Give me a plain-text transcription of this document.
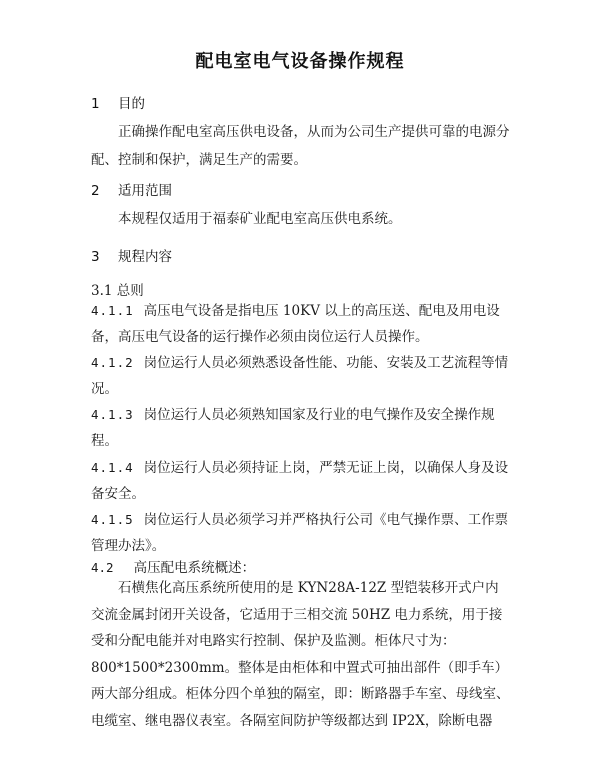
配电室电气设备操作规程
1 目的
正确操作配电室高压供电设备，从而为公司生产提供可靠的电源分配、控制和保护，满足生产的需要。
2 适用范围
本规程仅适用于福泰矿业配电室高压供电系统。
3 规程内容
3.1 总则
4.1.1 高压电气设备是指电压 10KV 以上的高压送、配电及用电设备，高压电气设备的运行操作必须由岗位运行人员操作。
4.1.2 岗位运行人员必须熟悉设备性能、功能、安装及工艺流程等情况。
4.1.3 岗位运行人员必须熟知国家及行业的电气操作及安全操作规程。
4.1.4 岗位运行人员必须持证上岗，严禁无证上岗，以确保人身及设备安全。
4.1.5 岗位运行人员必须学习并严格执行公司《电气操作票、工作票管理办法》。
4.2 高压配电系统概述：
石横焦化高压系统所使用的是 KYN28A-12Z 型铠装移开式户内交流金属封闭开关设备，它适用于三相交流 50HZ 电力系统，用于接受和分配电能并对电路实行控制、保护及监测。柜体尺寸为：800*1500*2300mm。整体是由柜体和中置式可抽出部件（即手车）两大部分组成。柜体分四个单独的隔室，即：断路器手车室、母线室、电缆室、继电器仪表室。各隔室间防护等级都达到 IP2X，除断电器
